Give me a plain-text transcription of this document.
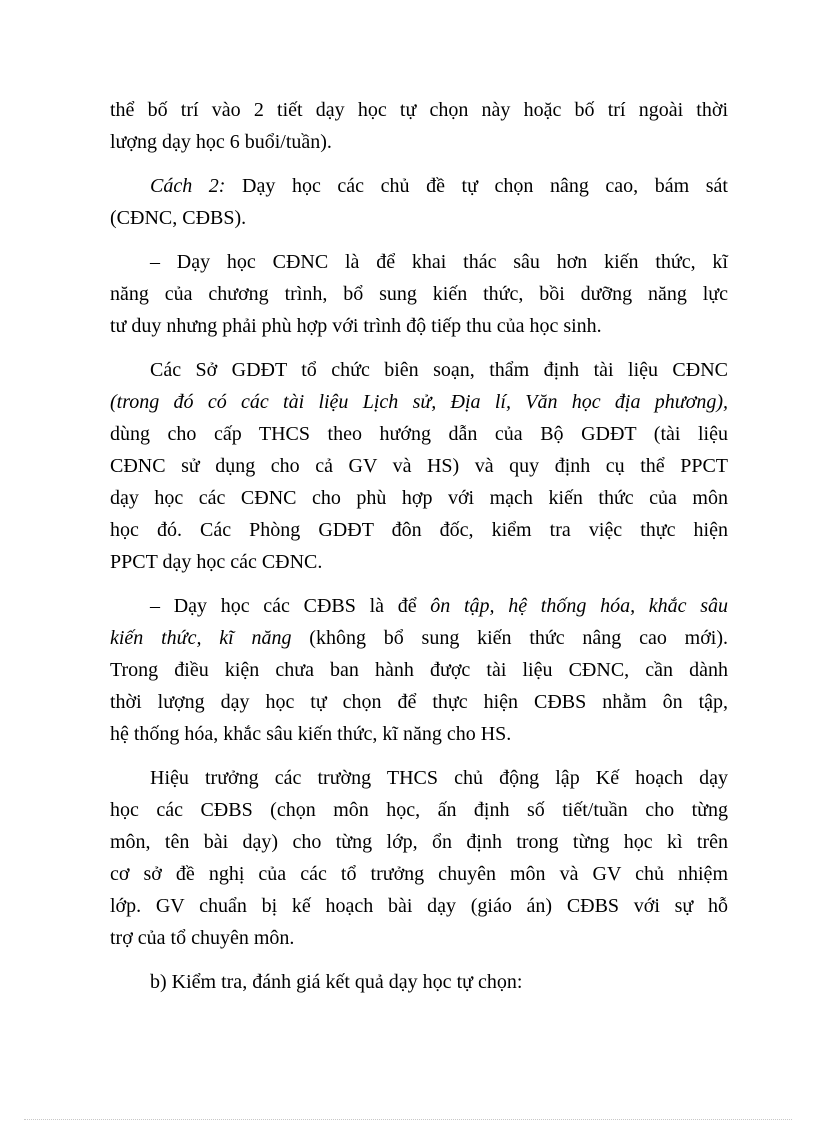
thể bố trí vào 2 tiết dạy học tự chọn này hoặc bố trí ngoài thời
lượng dạy học 6 buổi/tuần).
Cách 2: Dạy học các chủ đề tự chọn nâng cao, bám sát
(CĐNC, CĐBS).
– Dạy học CĐNC là để khai thác sâu hơn kiến thức, kĩ
năng của chương trình, bổ sung kiến thức, bồi dưỡng năng lực
tư duy nhưng phải phù hợp với trình độ tiếp thu của học sinh.
Các Sở GDĐT tổ chức biên soạn, thẩm định tài liệu CĐNC
(trong đó có các tài liệu Lịch sử, Địa lí, Văn học địa phương),
dùng cho cấp THCS theo hướng dẫn của Bộ GDĐT (tài liệu
CĐNC sử dụng cho cả GV và HS) và quy định cụ thể PPCT
dạy học các CĐNC cho phù hợp với mạch kiến thức của môn
học đó. Các Phòng GDĐT đôn đốc, kiểm tra việc thực hiện
PPCT dạy học các CĐNC.
– Dạy học các CĐBS là để ôn tập, hệ thống hóa, khắc sâu
kiến thức, kĩ năng (không bổ sung kiến thức nâng cao mới).
Trong điều kiện chưa ban hành được tài liệu CĐNC, cần dành
thời lượng dạy học tự chọn để thực hiện CĐBS nhằm ôn tập,
hệ thống hóa, khắc sâu kiến thức, kĩ năng cho HS.
Hiệu trưởng các trường THCS chủ động lập Kế hoạch dạy
học các CĐBS (chọn môn học, ấn định số tiết/tuần cho từng
môn, tên bài dạy) cho từng lớp, ổn định trong từng học kì trên
cơ sở đề nghị của các tổ trưởng chuyên môn và GV chủ nhiệm
lớp. GV chuẩn bị kế hoạch bài dạy (giáo án) CĐBS với sự hỗ
trợ của tổ chuyên môn.
b) Kiểm tra, đánh giá kết quả dạy học tự chọn:
